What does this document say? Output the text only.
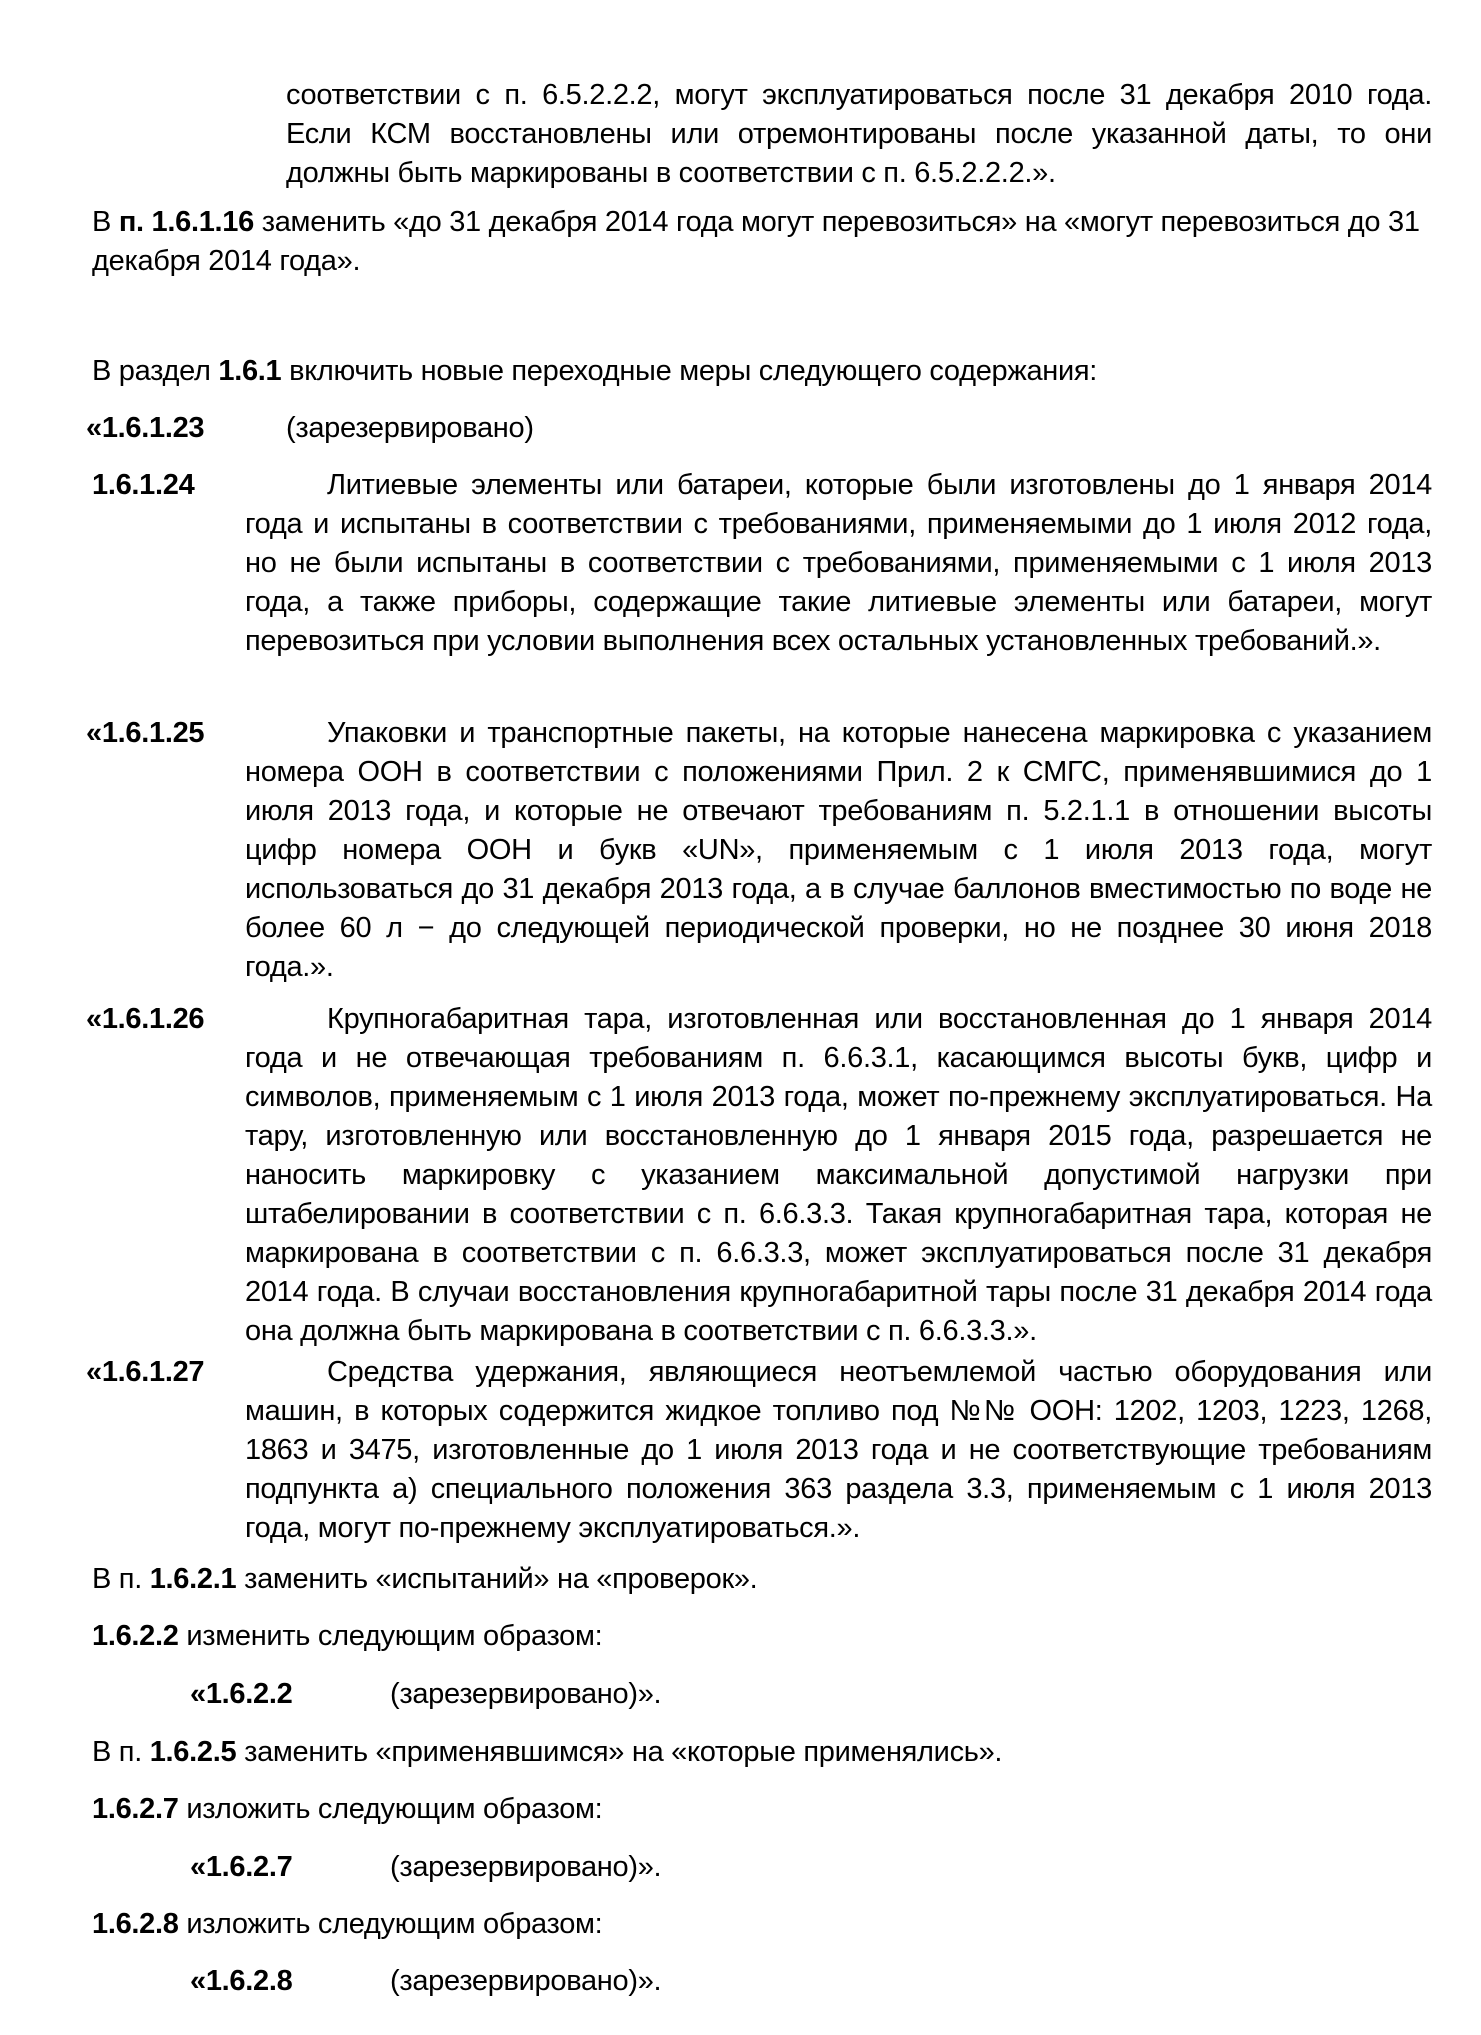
соответствии с п. 6.5.2.2.2, могут эксплуатироваться после 31 декабря 2010 года. Если КСМ восстановлены или отремонтированы после указанной даты, то они должны быть маркированы в соответствии с п. 6.5.2.2.2.».

В п. 1.6.1.16 заменить «до 31 декабря 2014 года могут перевозиться» на «могут перевозиться до 31 декабря 2014 года».

В раздел 1.6.1 включить новые переходные меры следующего содержания:

«1.6.1.23	(зарезервировано)

1.6.1.24	Литиевые элементы или батареи, которые были изготовлены до 1 января 2014 года и испытаны в соответствии с требованиями, применяемыми до 1 июля 2012 года, но не были испытаны в соответствии с требованиями, применяемыми с 1 июля 2013 года, а также приборы, содержащие такие литиевые элементы или батареи, могут перевозиться при условии выполнения всех остальных установленных требований.».

«1.6.1.25	Упаковки и транспортные пакеты, на которые нанесена маркировка с указанием номера ООН в соответствии с положениями Прил. 2 к СМГС, применявшимися до 1 июля 2013 года, и которые не отвечают требованиям п. 5.2.1.1 в отношении высоты цифр номера ООН и букв «UN», применяемым с 1 июля 2013 года, могут использоваться до 31 декабря 2013 года, а в случае баллонов вместимостью по воде не более 60 л − до следующей периодической проверки, но не позднее 30 июня 2018 года.».

«1.6.1.26	Крупногабаритная тара, изготовленная или восстановленная до 1 января 2014 года и не отвечающая требованиям п. 6.6.3.1, касающимся высоты букв, цифр и символов, применяемым с 1 июля 2013 года, может по-прежнему эксплуатироваться. На тару, изготовленную или восстановленную до 1 января 2015 года, разрешается не наносить маркировку с указанием максимальной допустимой нагрузки при штабелировании в соответствии с п. 6.6.3.3. Такая крупногабаритная тара, которая не маркирована в соответствии с п. 6.6.3.3, может эксплуатироваться после 31 декабря 2014 года. В случаи восстановления крупногабаритной тары после 31 декабря 2014 года она должна быть маркирована в соответствии с п. 6.6.3.3.».

«1.6.1.27	Средства удержания, являющиеся неотъемлемой частью оборудования или машин, в которых содержится жидкое топливо под №№ ООН: 1202, 1203, 1223, 1268, 1863 и 3475, изготовленные до 1 июля 2013 года и не соответствующие требованиям подпункта а) специального положения 363 раздела 3.3, применяемым с 1 июля 2013 года, могут по-прежнему эксплуатироваться.».

В п. 1.6.2.1 заменить «испытаний» на «проверок».

1.6.2.2 изменить следующим образом:

«1.6.2.2	(зарезервировано)».

В п. 1.6.2.5 заменить «применявшимся» на «которые применялись».

1.6.2.7 изложить следующим образом:

«1.6.2.7	(зарезервировано)».

1.6.2.8 изложить следующим образом:

«1.6.2.8	(зарезервировано)».
